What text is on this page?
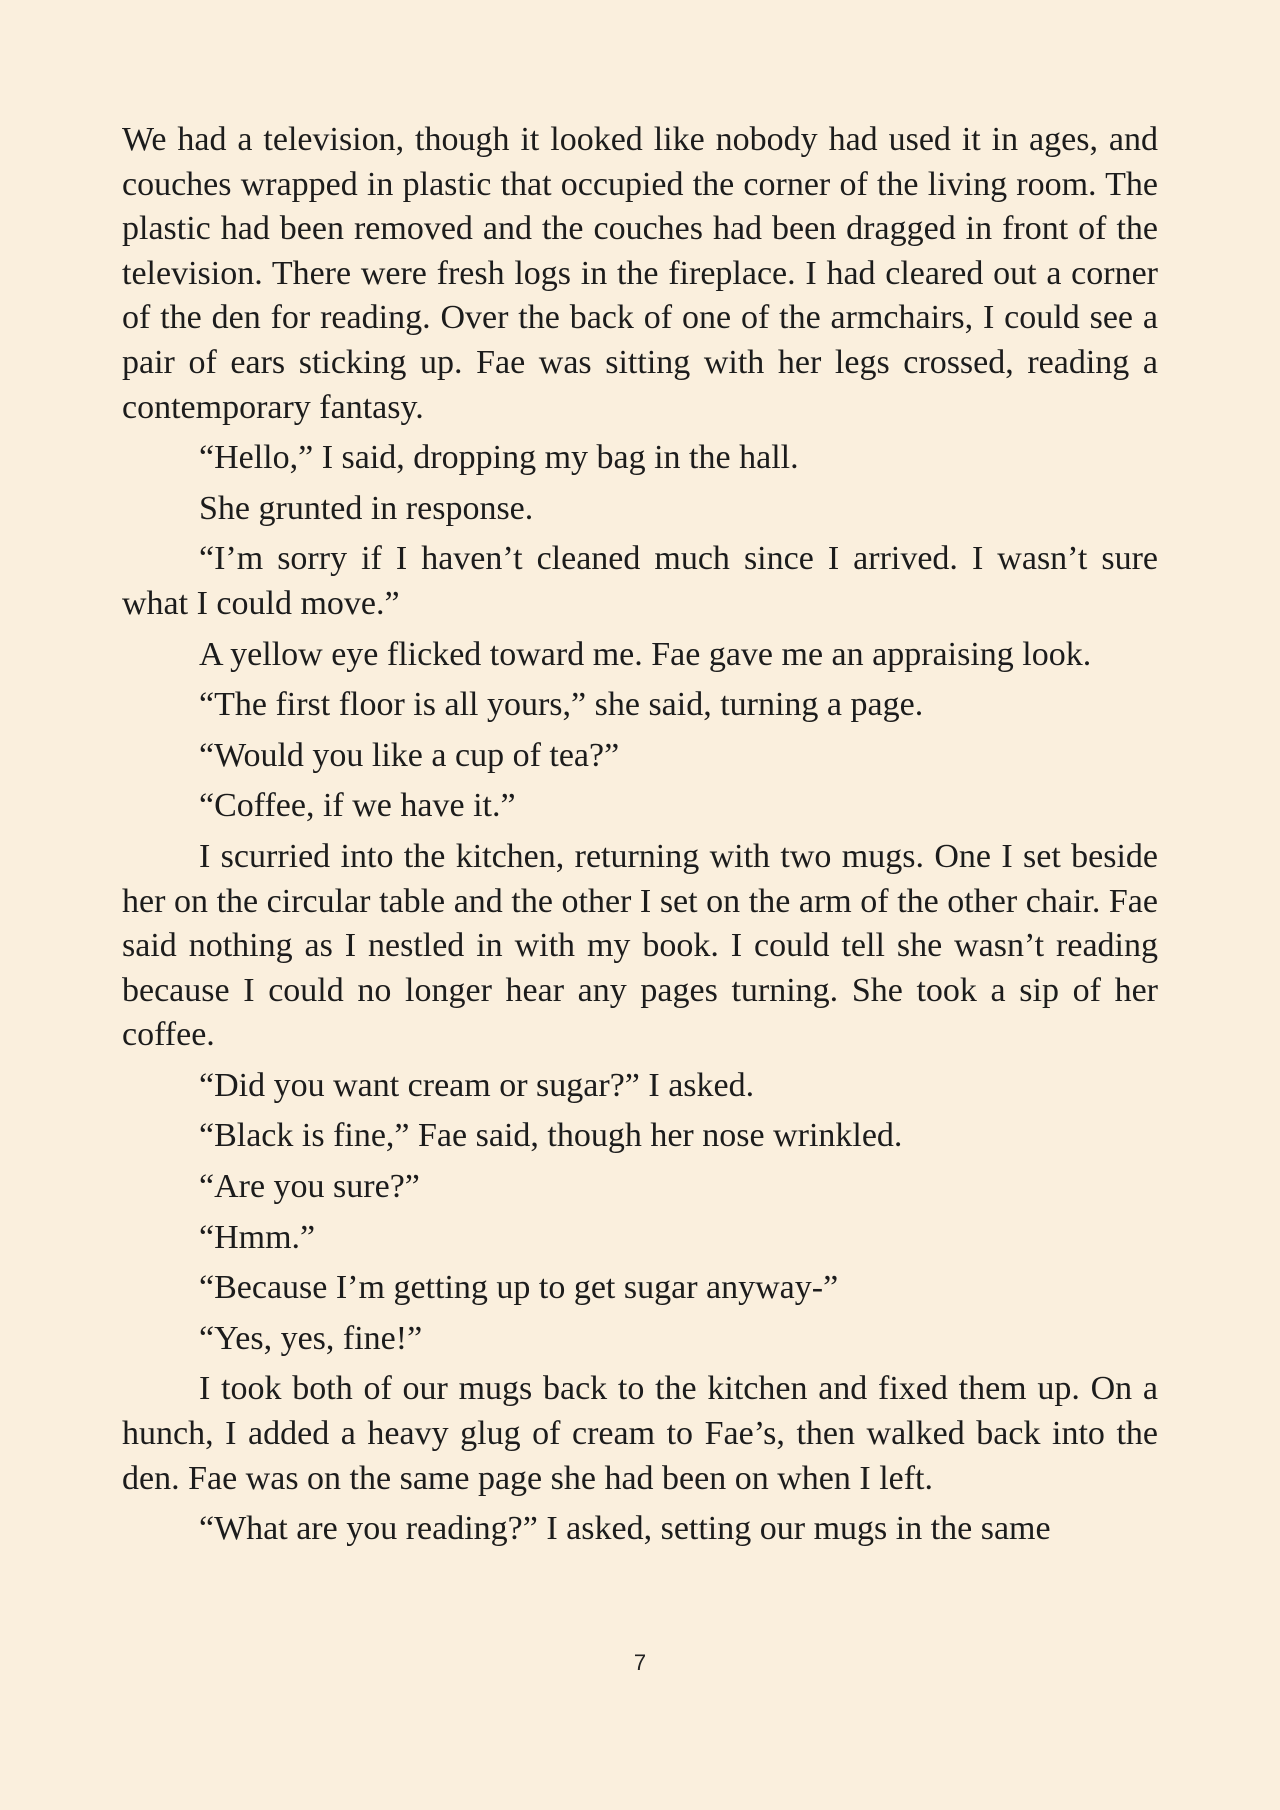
We had a television, though it looked like nobody had used it in ages, and couches wrapped in plastic that occupied the corner of the living room. The plastic had been removed and the couches had been dragged in front of the television. There were fresh logs in the fireplace. I had cleared out a corner of the den for reading. Over the back of one of the armchairs, I could see a pair of ears sticking up. Fae was sitting with her legs crossed, reading a contemporary fantasy.

“Hello,” I said, dropping my bag in the hall.

She grunted in response.

“I’m sorry if I haven’t cleaned much since I arrived. I wasn’t sure what I could move.”

A yellow eye flicked toward me. Fae gave me an appraising look.

“The first floor is all yours,” she said, turning a page.

“Would you like a cup of tea?”

“Coffee, if we have it.”

I scurried into the kitchen, returning with two mugs. One I set beside her on the circular table and the other I set on the arm of the other chair. Fae said nothing as I nestled in with my book. I could tell she wasn’t reading because I could no longer hear any pages turning. She took a sip of her coffee.

“Did you want cream or sugar?” I asked.

“Black is fine,” Fae said, though her nose wrinkled.

“Are you sure?”

“Hmm.”

“Because I’m getting up to get sugar anyway-”

“Yes, yes, fine!”

I took both of our mugs back to the kitchen and fixed them up. On a hunch, I added a heavy glug of cream to Fae’s, then walked back into the den. Fae was on the same page she had been on when I left.

“What are you reading?” I asked, setting our mugs in the same

7
